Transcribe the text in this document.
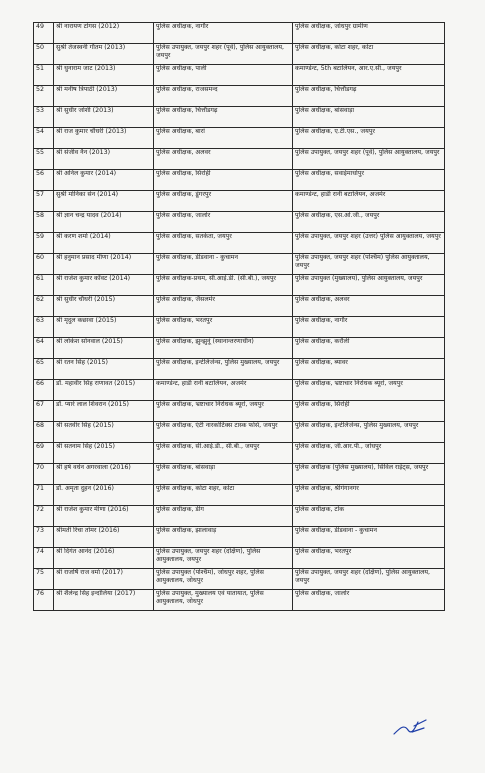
49	श्री नारायण टोगस (2012)	पुलिस अधीक्षक, नागौर	पुलिस अधीक्षक, जोधपुर ग्रामीण
50	सुश्री तेजस्वनी गौतम (2013)	पुलिस उपायुक्त, जयपुर शहर (पूर्व), पुलिस आयुक्तालय, जयपुर	पुलिस अधीक्षक, कोटा शहर, कोटा
51	श्री धुनाराम जाट (2013)	पुलिस अधीक्षक, पाली	कमाण्डेन्ट, 5th बटालियन, आर.ए.सी., जयपुर
52	श्री मनीष त्रिपाठी (2013)	पुलिस अधीक्षक, राजसमन्द	पुलिस अधीक्षक, चित्तौडगढ़
53	श्री सुधीर जोशी (2013)	पुलिस अधीक्षक, चित्तौडगढ़	पुलिस अधीक्षक, बांसवाड़ा
54	श्री राज कुमार चौधरी (2013)	पुलिस अधीक्षक, बारां	पुलिस अधीक्षक, ए.टी.एस., जयपुर
55	श्री संजीव नैन (2013)	पुलिस अधीक्षक, अलवर	पुलिस उपायुक्त, जयपुर शहर (पूर्व), पुलिस आयुक्तालय, जयपुर
56	श्री अनिल कुमार (2014)	पुलिस अधीक्षक, सिरोही	पुलिस अधीक्षक, सवाईमाधोपुर
57	सुश्री मोनिका सेन (2014)	पुलिस अधीक्षक, डूंगरपुर	कमाण्डेन्ट, हाडी रानी बटालियन, अजमेर
58	श्री ज्ञान चन्द्र यादव (2014)	पुलिस अधीक्षक, जालोर	पुलिस अधीक्षक, एस.ओ.जी., जयपुर
59	श्री करण शर्मा (2014)	पुलिस अधीक्षक, सतर्कता, जयपुर	पुलिस उपायुक्त, जयपुर शहर (उत्तर) पुलिस आयुक्तालय, जयपुर
60	श्री हनुमान प्रसाद मीणा (2014)	पुलिस अधीक्षक, डीडवाना - कुचामन	पुलिस उपायुक्त, जयपुर शहर (पश्चिम) पुलिस आयुक्तालय, जयपुर
61	श्री राजेश कुमार कॉवट (2014)	पुलिस अधीक्षक-प्रथम, सी.आई.डी. (सी.बी.), जयपुर	पुलिस उपायुक्त (मुख्यालय), पुलिस आयुक्तालय, जयपुर
62	श्री सुधीर चौधरी (2015)	पुलिस अधीक्षक, जैसलमेर	पुलिस अधीक्षक, अलवर
63	श्री मृदुल कछावा (2015)	पुलिस अधीक्षक, भरतपुर	पुलिस अधीक्षक, नागौर
64	श्री लोकेश सोनवाल (2015)	पुलिस अधीक्षक, झुन्झुनूं (स्थानान्तरणाधीन)	पुलिस अधीक्षक, करौली
65	श्री रतन सिंह (2015)	पुलिस अधीक्षक, इन्टेलिजेन्स, पुलिस मुख्यालय, जयपुर	पुलिस अधीक्षक, ब्यावर
66	डॉ. महावीर सिंह राणावत (2015)	कमाण्डेन्ट, हाडी रानी बटालियन, अजमेर	पुलिस अधीक्षक, भ्रष्टाचार निरोधक ब्यूरो, जयपुर
67	डॉ. प्यारे लाल शिवरान (2015)	पुलिस अधीक्षक, भ्रष्टाचार निरोधक ब्यूरो, जयपुर	पुलिस अधीक्षक, सिरोही
68	श्री सतवीर सिंह (2015)	पुलिस अधीक्षक, एंटी नारकोटिक्स टास्क फोर्स, जयपुर	पुलिस अधीक्षक, इन्टेलिजेन्स, पुलिस मुख्यालय, जयपुर
69	श्री सतनाम सिंह (2015)	पुलिस अधीक्षक, सी.आई.डी., सी.बी., जयपुर	पुलिस अधीक्षक, जी.आर.पी., जोधपुर
70	श्री हर्ष वर्धन अगरवाला (2016)	पुलिस अधीक्षक, बांसवाड़ा	पुलिस अधीक्षक (पुलिस मुख्यालय), सिविल राईट्स, जयपुर
71	डॉ. अमृता दुहन (2016)	पुलिस अधीक्षक, कोटा शहर, कोटा	पुलिस अधीक्षक, श्रीगंगानगर
72	श्री राजेश कुमार मीणा (2016)	पुलिस अधीक्षक, डीग	पुलिस अधीक्षक, टोंक
73	श्रीमती रिचा तोमर (2016)	पुलिस अधीक्षक, झालावाड़	पुलिस अधीक्षक, डीडवाना - कुचामन
74	श्री दिगंत आनंद (2016)	पुलिस उपायुक्त, जयपुर शहर (दक्षिण), पुलिस आयुक्तालय, जयपुर	पुलिस अधीक्षक, भरतपुर
75	श्री राजर्षि राज वर्मा (2017)	पुलिस उपायुक्त (पश्चिम), जोधपुर शहर, पुलिस आयुक्तालय, जोधपुर	पुलिस उपायुक्त, जयपुर शहर (दक्षिण), पुलिस आयुक्तालय, जयपुर
76	श्री शैलेन्द्र सिंह इन्दोलिया (2017)	पुलिस उपायुक्त, मुख्यालय एवं यातायात, पुलिस आयुक्तालय, जोधपुर	पुलिस अधीक्षक, जालोर
